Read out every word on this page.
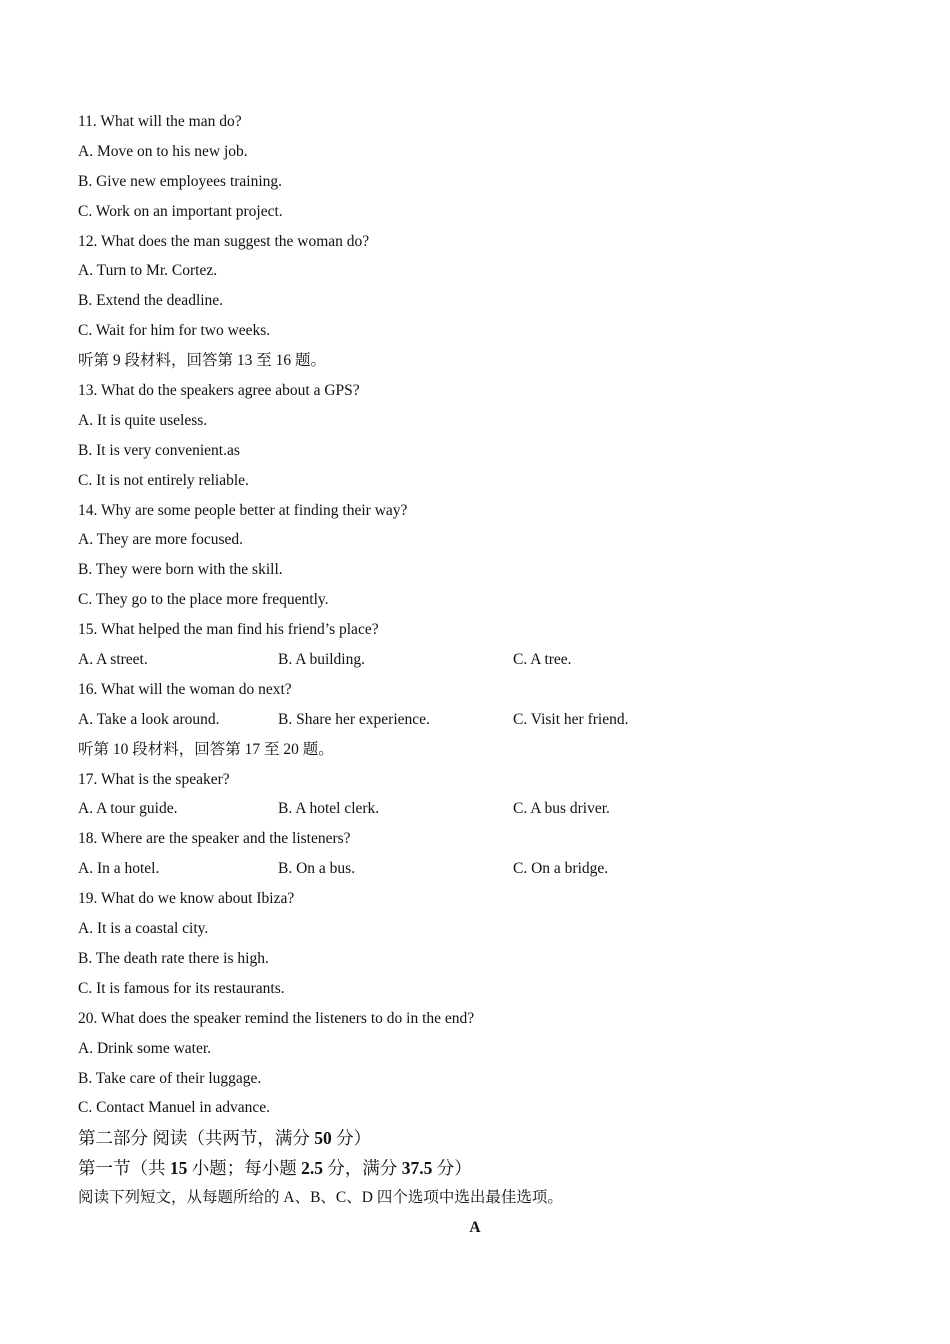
11. What will the man do?
A. Move on to his new job.
B. Give new employees training.
C. Work on an important project.
12. What does the man suggest the woman do?
A. Turn to Mr. Cortez.
B. Extend the deadline.
C. Wait for him for two weeks.
听第 9 段材料，回答第 13 至 16 题。
13. What do the speakers agree about a GPS?
A. It is quite useless.
B. It is very convenient.as
C. It is not entirely reliable.
14. Why are some people better at finding their way?
A. They are more focused.
B. They were born with the skill.
C. They go to the place more frequently.
15. What helped the man find his friend’s place?
A. A street.	B. A building.	C. A tree.
16. What will the woman do next?
A. Take a look around.	B. Share her experience.	C. Visit her friend.
听第 10 段材料，回答第 17 至 20 题。
17. What is the speaker?
A. A tour guide.	B. A hotel clerk.	C. A bus driver.
18. Where are the speaker and the listeners?
A. In a hotel.	B. On a bus.	C. On a bridge.
19. What do we know about Ibiza?
A. It is a coastal city.
B. The death rate there is high.
C. It is famous for its restaurants.
20. What does the speaker remind the listeners to do in the end?
A. Drink some water.
B. Take care of their luggage.
C. Contact Manuel in advance.
第二部分 阅读（共两节，满分 50 分）
第一节（共 15 小题；每小题 2.5 分，满分 37.5 分）
阅读下列短文，从每题所给的 A、B、C、D 四个选项中选出最佳选项。
A
